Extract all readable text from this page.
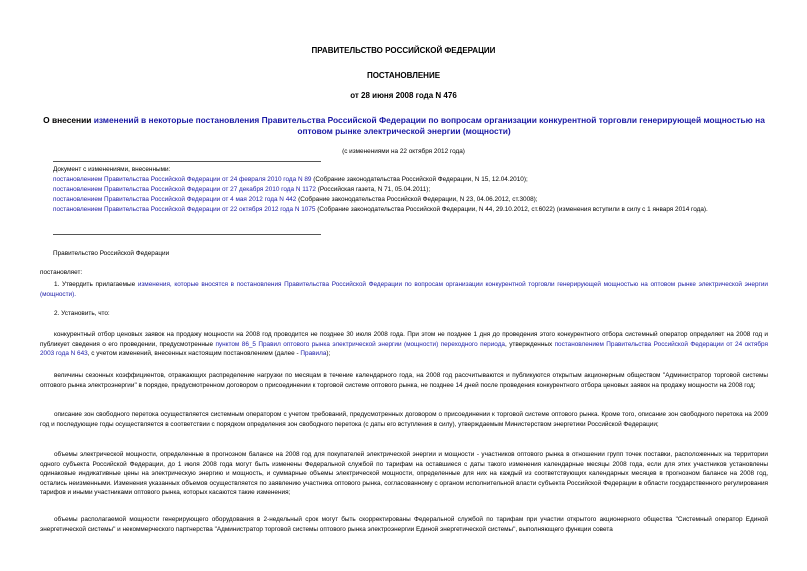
ПРАВИТЕЛЬСТВО РОССИЙСКОЙ ФЕДЕРАЦИИ
ПОСТАНОВЛЕНИЕ
от 28 июня 2008 года N 476
О внесении изменений в некоторые постановления Правительства Российской Федерации по вопросам организации конкурентной торговли генерирующей мощностью на оптовом рынке электрической энергии (мощности)
(с изменениями на 22 октября 2012 года)
Документ с изменениями, внесенными:
постановлением Правительства Российской Федерации от 24 февраля 2010 года N 89 (Собрание законодательства Российской Федерации, N 15, 12.04.2010);
постановлением Правительства Российской Федерации от 27 декабря 2010 года N 1172 (Российская газета, N 71, 05.04.2011);
постановлением Правительства Российской Федерации от 4 мая 2012 года N 442 (Собрание законодательства Российской Федерации, N 23, 04.06.2012, ст.3008);
постановлением Правительства Российской Федерации от 22 октября 2012 года N 1075 (Собрание законодательства Российской Федерации, N 44, 29.10.2012, ст.6022) (изменения вступили в силу с 1 января 2014 года).
Правительство Российской Федерации
постановляет:
1. Утвердить прилагаемые изменения, которые вносятся в постановления Правительства Российской Федерации по вопросам организации конкурентной торговли генерирующей мощностью на оптовом рынке электрической энергии (мощности).
2. Установить, что:
конкурентный отбор ценовых заявок на продажу мощности на 2008 год проводится не позднее 30 июля 2008 года. При этом не позднее 1 дня до проведения этого конкурентного отбора системный оператор определяет на 2008 год и публикует сведения о его проведении, предусмотренные пунктом 86_5 Правил оптового рынка электрической энергии (мощности) переходного периода, утвержденных постановлением Правительства Российской Федерации от 24 октября 2003 года N 643, с учетом изменений, внесенных настоящим постановлением (далее - Правила);
величины сезонных коэффициентов, отражающих распределение нагрузки по месяцам в течение календарного года, на 2008 год рассчитываются и публикуются открытым акционерным обществом "Администратор торговой системы оптового рынка электроэнергии" в порядке, предусмотренном договором о присоединении к торговой системе оптового рынка, не позднее 14 дней после проведения конкурентного отбора ценовых заявок на продажу мощности на 2008 год;
описание зон свободного перетока осуществляется системным оператором с учетом требований, предусмотренных договором о присоединении к торговой системе оптового рынка. Кроме того, описание зон свободного перетока на 2009 год и последующие годы осуществляется в соответствии с порядком определения зон свободного перетока (с даты его вступления в силу), утверждаемым Министерством энергетики Российской Федерации;
объемы электрической мощности, определенные в прогнозном балансе на 2008 год для покупателей электрической энергии и мощности - участников оптового рынка в отношении групп точек поставки, расположенных на территории одного субъекта Российской Федерации, до 1 июля 2008 года могут быть изменены Федеральной службой по тарифам на оставшиеся с даты такого изменения календарные месяцы 2008 года, если для этих участников установлены одинаковые индикативные цены на электрическую энергию и мощность, и суммарные объемы электрической мощности, определенные для них на каждый из соответствующих календарных месяцев в прогнозном балансе на 2008 год, остались неизменными. Изменения указанных объемов осуществляется по заявлению участника оптового рынка, согласованному с органом исполнительной власти субъекта Российской Федерации в области государственного регулирования тарифов и иными участниками оптового рынка, которых касаются такие изменения;
объемы располагаемой мощности генерирующего оборудования в 2-недельный срок могут быть скорректированы Федеральной службой по тарифам при участии открытого акционерного общества "Системный оператор Единой энергетической системы" и некоммерческого партнерства "Администратор торговой системы оптового рынка электроэнергии Единой энергетической системы", выполняющего функции совета
